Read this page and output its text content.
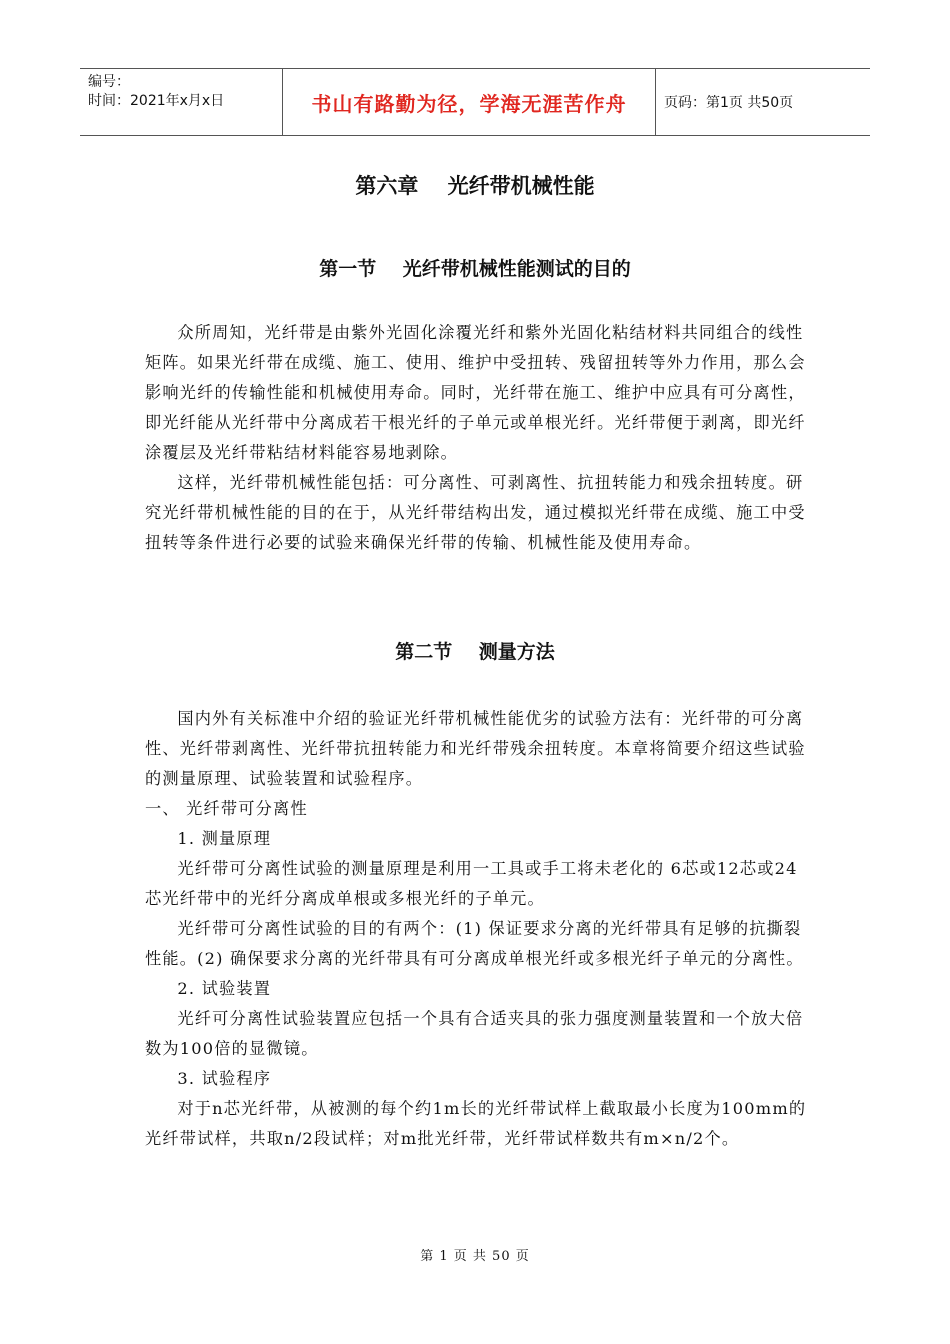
编号：
时间：2021年x月x日	书山有路勤为径，学海无涯苦作舟	页码：第1页 共50页
第六章    光纤带机械性能
第一节    光纤带机械性能测试的目的

众所周知，光纤带是由紫外光固化涂覆光纤和紫外光固化粘结材料共同组合的线性矩阵。如果光纤带在成缆、施工、使用、维护中受扭转、残留扭转等外力作用，那么会影响光纤的传输性能和机械使用寿命。同时，光纤带在施工、维护中应具有可分离性，即光纤能从光纤带中分离成若干根光纤的子单元或单根光纤。光纤带便于剥离，即光纤涂覆层及光纤带粘结材料能容易地剥除。

这样，光纤带机械性能包括：可分离性、可剥离性、抗扭转能力和残余扭转度。研究光纤带机械性能的目的在于，从光纤带结构出发，通过模拟光纤带在成缆、施工中受扭转等条件进行必要的试验来确保光纤带的传输、机械性能及使用寿命。

第二节    测量方法

国内外有关标准中介绍的验证光纤带机械性能优劣的试验方法有：光纤带的可分离性、光纤带剥离性、光纤带抗扭转能力和光纤带残余扭转度。本章将简要介绍这些试验的测量原理、试验装置和试验程序。

一、 光纤带可分离性

1. 测量原理

光纤带可分离性试验的测量原理是利用一工具或手工将未老化的 6芯或12芯或24芯光纤带中的光纤分离成单根或多根光纤的子单元。

光纤带可分离性试验的目的有两个：(1) 保证要求分离的光纤带具有足够的抗撕裂性能。(2) 确保要求分离的光纤带具有可分离成单根光纤或多根光纤子单元的分离性。

2. 试验装置

光纤可分离性试验装置应包括一个具有合适夹具的张力强度测量装置和一个放大倍数为100倍的显微镜。

3. 试验程序

对于n芯光纤带，从被测的每个约1m长的光纤带试样上截取最小长度为100mm的光纤带试样，共取n/2段试样；对m批光纤带，光纤带试样数共有m×n/2个。

第 1 页 共 50 页
